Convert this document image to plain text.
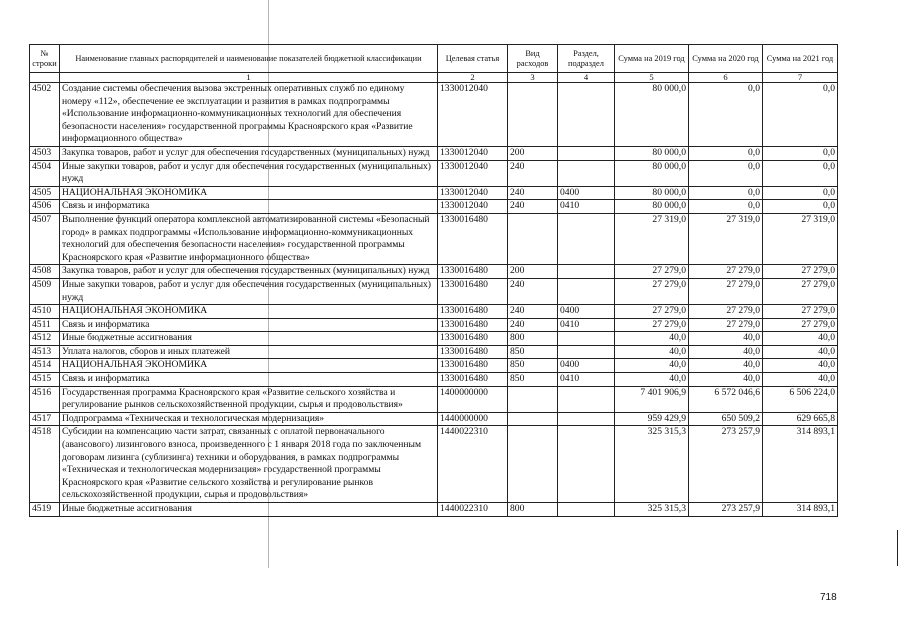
№ строки	Наименование главных распорядителей и наименование показателей бюджетной классификации	Целевая статья	Вид расходов	Раздел, подраздел	Сумма на 2019 год	Сумма на 2020 год	Сумма на 2021 год
	1	2	3	4	5	6	7
4502	Создание системы обеспечения вызова экстренных оперативных служб по единому номеру «112», обеспечение ее эксплуатации и развития в рамках подпрограммы «Использование информационно-коммуникационных технологий для обеспечения безопасности населения» государственной программы Красноярского края «Развитие информационного общества»	1330012040			80 000,0	0,0	0,0
4503	Закупка товаров, работ и услуг для обеспечения государственных (муниципальных) нужд	1330012040	200		80 000,0	0,0	0,0
4504	Иные закупки товаров, работ и услуг для обеспечения государственных (муниципальных) нужд	1330012040	240		80 000,0	0,0	0,0
4505	НАЦИОНАЛЬНАЯ ЭКОНОМИКА	1330012040	240	0400	80 000,0	0,0	0,0
4506	Связь и информатика	1330012040	240	0410	80 000,0	0,0	0,0
4507	Выполнение функций оператора комплексной автоматизированной системы «Безопасный город» в рамках подпрограммы «Использование информационно-коммуникационных технологий для обеспечения безопасности населения» государственной программы Красноярского края «Развитие информационного общества»	1330016480			27 319,0	27 319,0	27 319,0
4508	Закупка товаров, работ и услуг для обеспечения государственных (муниципальных) нужд	1330016480	200		27 279,0	27 279,0	27 279,0
4509	Иные закупки товаров, работ и услуг для обеспечения государственных (муниципальных) нужд	1330016480	240		27 279,0	27 279,0	27 279,0
4510	НАЦИОНАЛЬНАЯ ЭКОНОМИКА	1330016480	240	0400	27 279,0	27 279,0	27 279,0
4511	Связь и информатика	1330016480	240	0410	27 279,0	27 279,0	27 279,0
4512	Иные бюджетные ассигнования	1330016480	800		40,0	40,0	40,0
4513	Уплата налогов, сборов и иных платежей	1330016480	850		40,0	40,0	40,0
4514	НАЦИОНАЛЬНАЯ ЭКОНОМИКА	1330016480	850	0400	40,0	40,0	40,0
4515	Связь и информатика	1330016480	850	0410	40,0	40,0	40,0
4516	Государственная программа Красноярского края «Развитие сельского хозяйства и регулирование рынков сельскохозяйственной продукции, сырья и продовольствия»	1400000000			7 401 906,9	6 572 046,6	6 506 224,0
4517	Подпрограмма «Техническая и технологическая модернизация»	1440000000			959 429,9	650 509,2	629 665,8
4518	Субсидии на компенсацию части затрат, связанных с оплатой первоначального (авансового) лизингового взноса, произведенного с 1 января 2018 года по заключенным договорам лизинга (сублизинга) техники и оборудования, в рамках подпрограммы «Техническая и технологическая модернизация» государственной программы Красноярского края «Развитие сельского хозяйства и регулирование рынков сельскохозяйственной продукции, сырья и продовольствия»	1440022310			325 315,3	273 257,9	314 893,1
4519	Иные бюджетные ассигнования	1440022310	800		325 315,3	273 257,9	314 893,1
718
